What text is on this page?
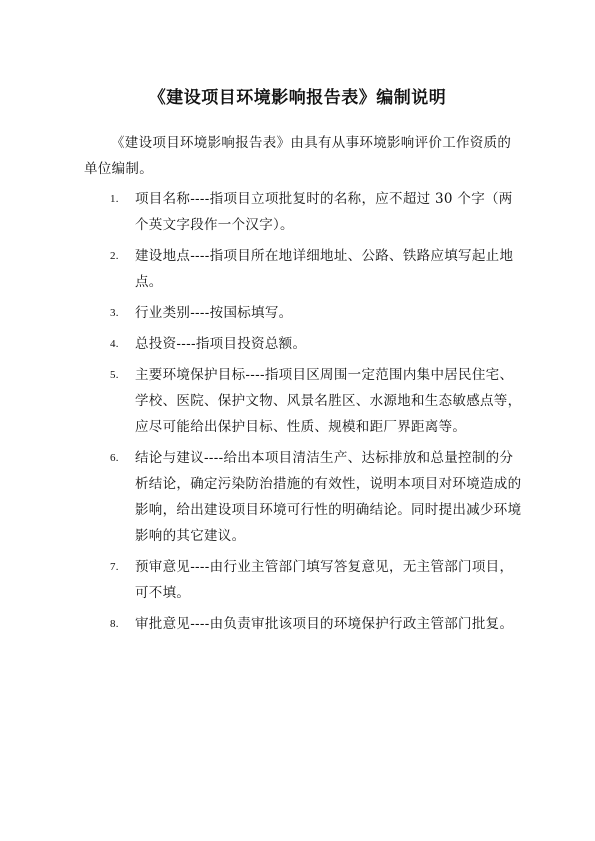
《建设项目环境影响报告表》编制说明

《建设项目环境影响报告表》由具有从事环境影响评价工作资质的单位编制。

1. 项目名称----指项目立项批复时的名称，应不超过 30 个字（两个英文字段作一个汉字）。
2. 建设地点----指项目所在地详细地址、公路、铁路应填写起止地点。
3. 行业类别----按国标填写。
4. 总投资----指项目投资总额。
5. 主要环境保护目标----指项目区周围一定范围内集中居民住宅、学校、医院、保护文物、风景名胜区、水源地和生态敏感点等，应尽可能给出保护目标、性质、规模和距厂界距离等。
6. 结论与建议----给出本项目清洁生产、达标排放和总量控制的分析结论，确定污染防治措施的有效性，说明本项目对环境造成的影响，给出建设项目环境可行性的明确结论。同时提出减少环境影响的其它建议。
7. 预审意见----由行业主管部门填写答复意见，无主管部门项目，可不填。
8. 审批意见----由负责审批该项目的环境保护行政主管部门批复。
